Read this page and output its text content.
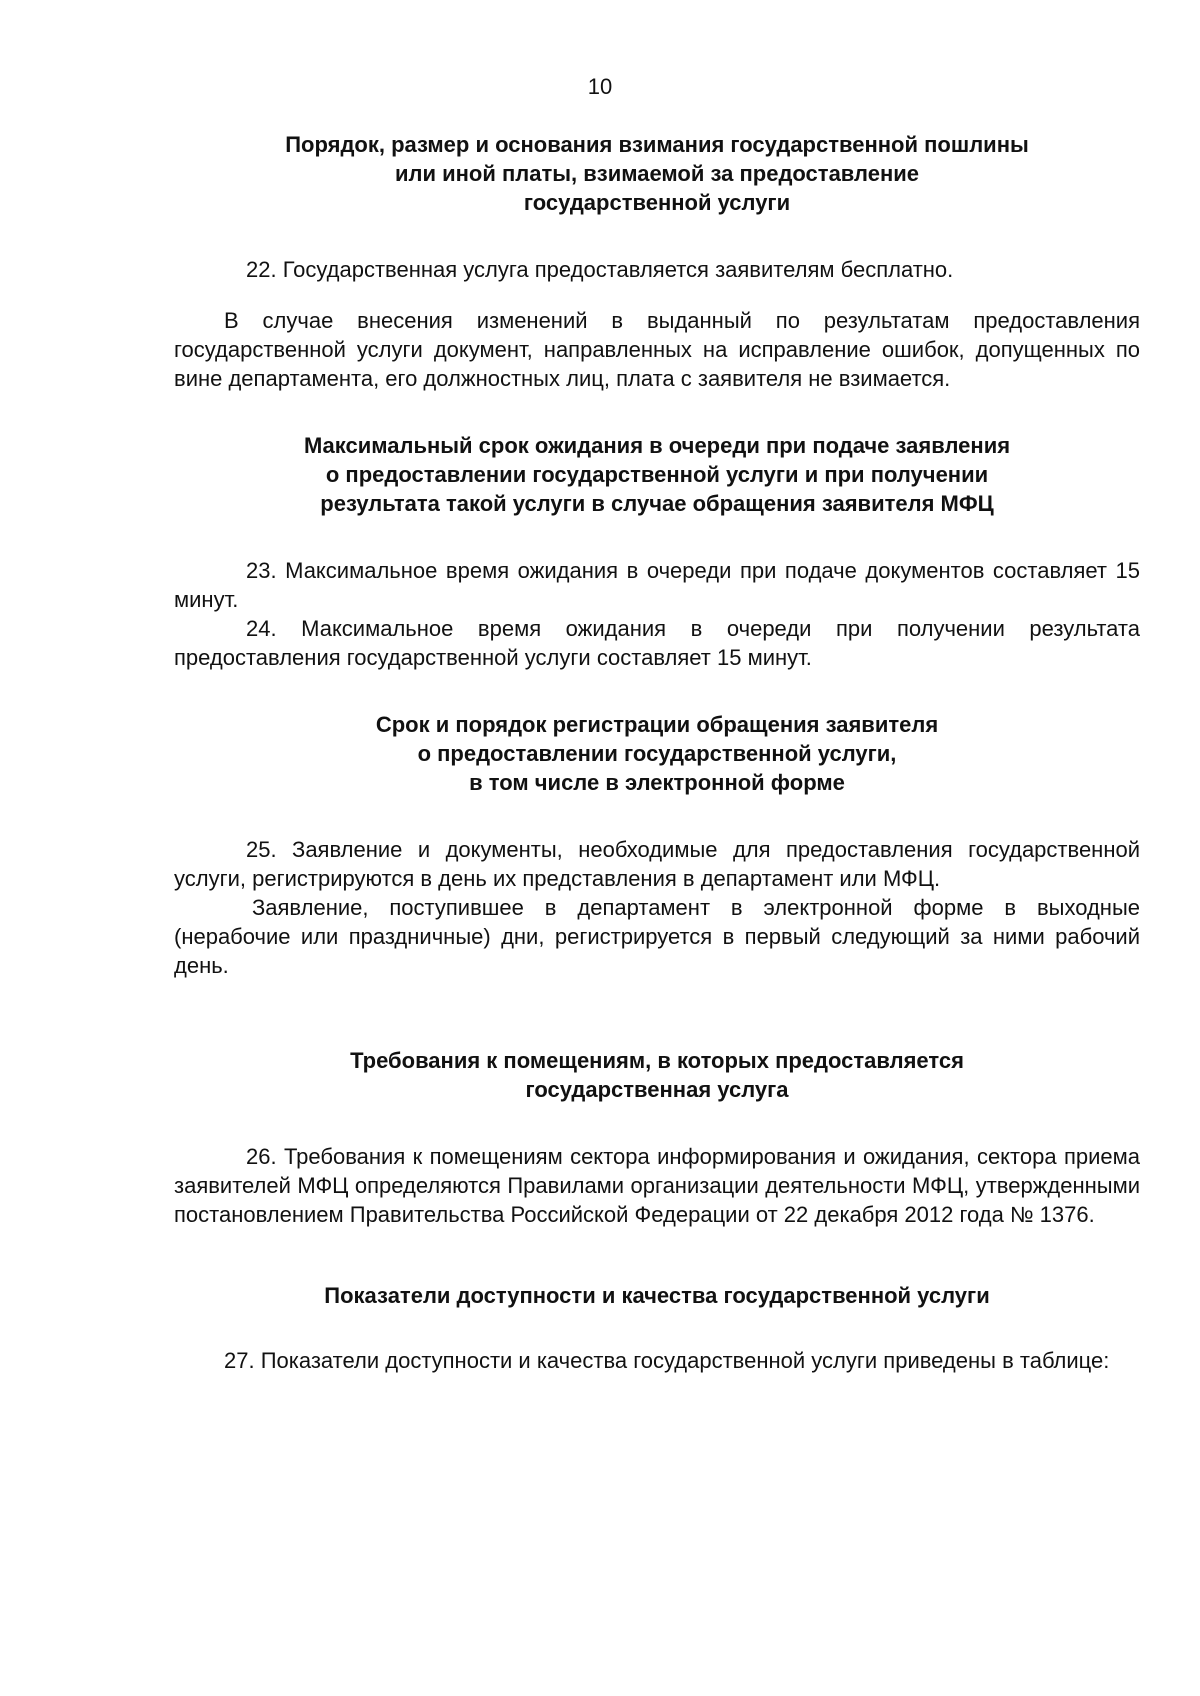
10
Порядок, размер и основания взимания государственной пошлины
или иной платы, взимаемой за предоставление
государственной услуги

22. Государственная услуга предоставляется заявителям бесплатно.

В случае внесения изменений в выданный по результатам предоставления государственной услуги документ, направленных на исправление ошибок, допущенных по вине департамента, его должностных лиц, плата с заявителя не взимается.

Максимальный срок ожидания в очереди при подаче заявления
о предоставлении государственной услуги и при получении
результата такой услуги в случае обращения заявителя МФЦ

23. Максимальное время ожидания в очереди при подаче документов составляет 15 минут.

24. Максимальное время ожидания в очереди при получении результата предоставления государственной услуги составляет 15 минут.

Срок и порядок регистрации обращения заявителя
о предоставлении государственной услуги,
в том числе в электронной форме

25. Заявление и документы, необходимые для предоставления государственной услуги, регистрируются в день их представления в департамент или МФЦ.

Заявление, поступившее в департамент в электронной форме в выходные (нерабочие или праздничные) дни, регистрируется в первый следующий за ними рабочий день.

Требования к помещениям, в которых предоставляется
государственная услуга

26. Требования к помещениям сектора информирования и ожидания, сектора приема заявителей МФЦ определяются Правилами организации деятельности МФЦ, утвержденными постановлением Правительства Российской Федерации от 22 декабря 2012 года № 1376.

Показатели доступности и качества государственной услуги

27. Показатели доступности и качества государственной услуги приведены в таблице:
